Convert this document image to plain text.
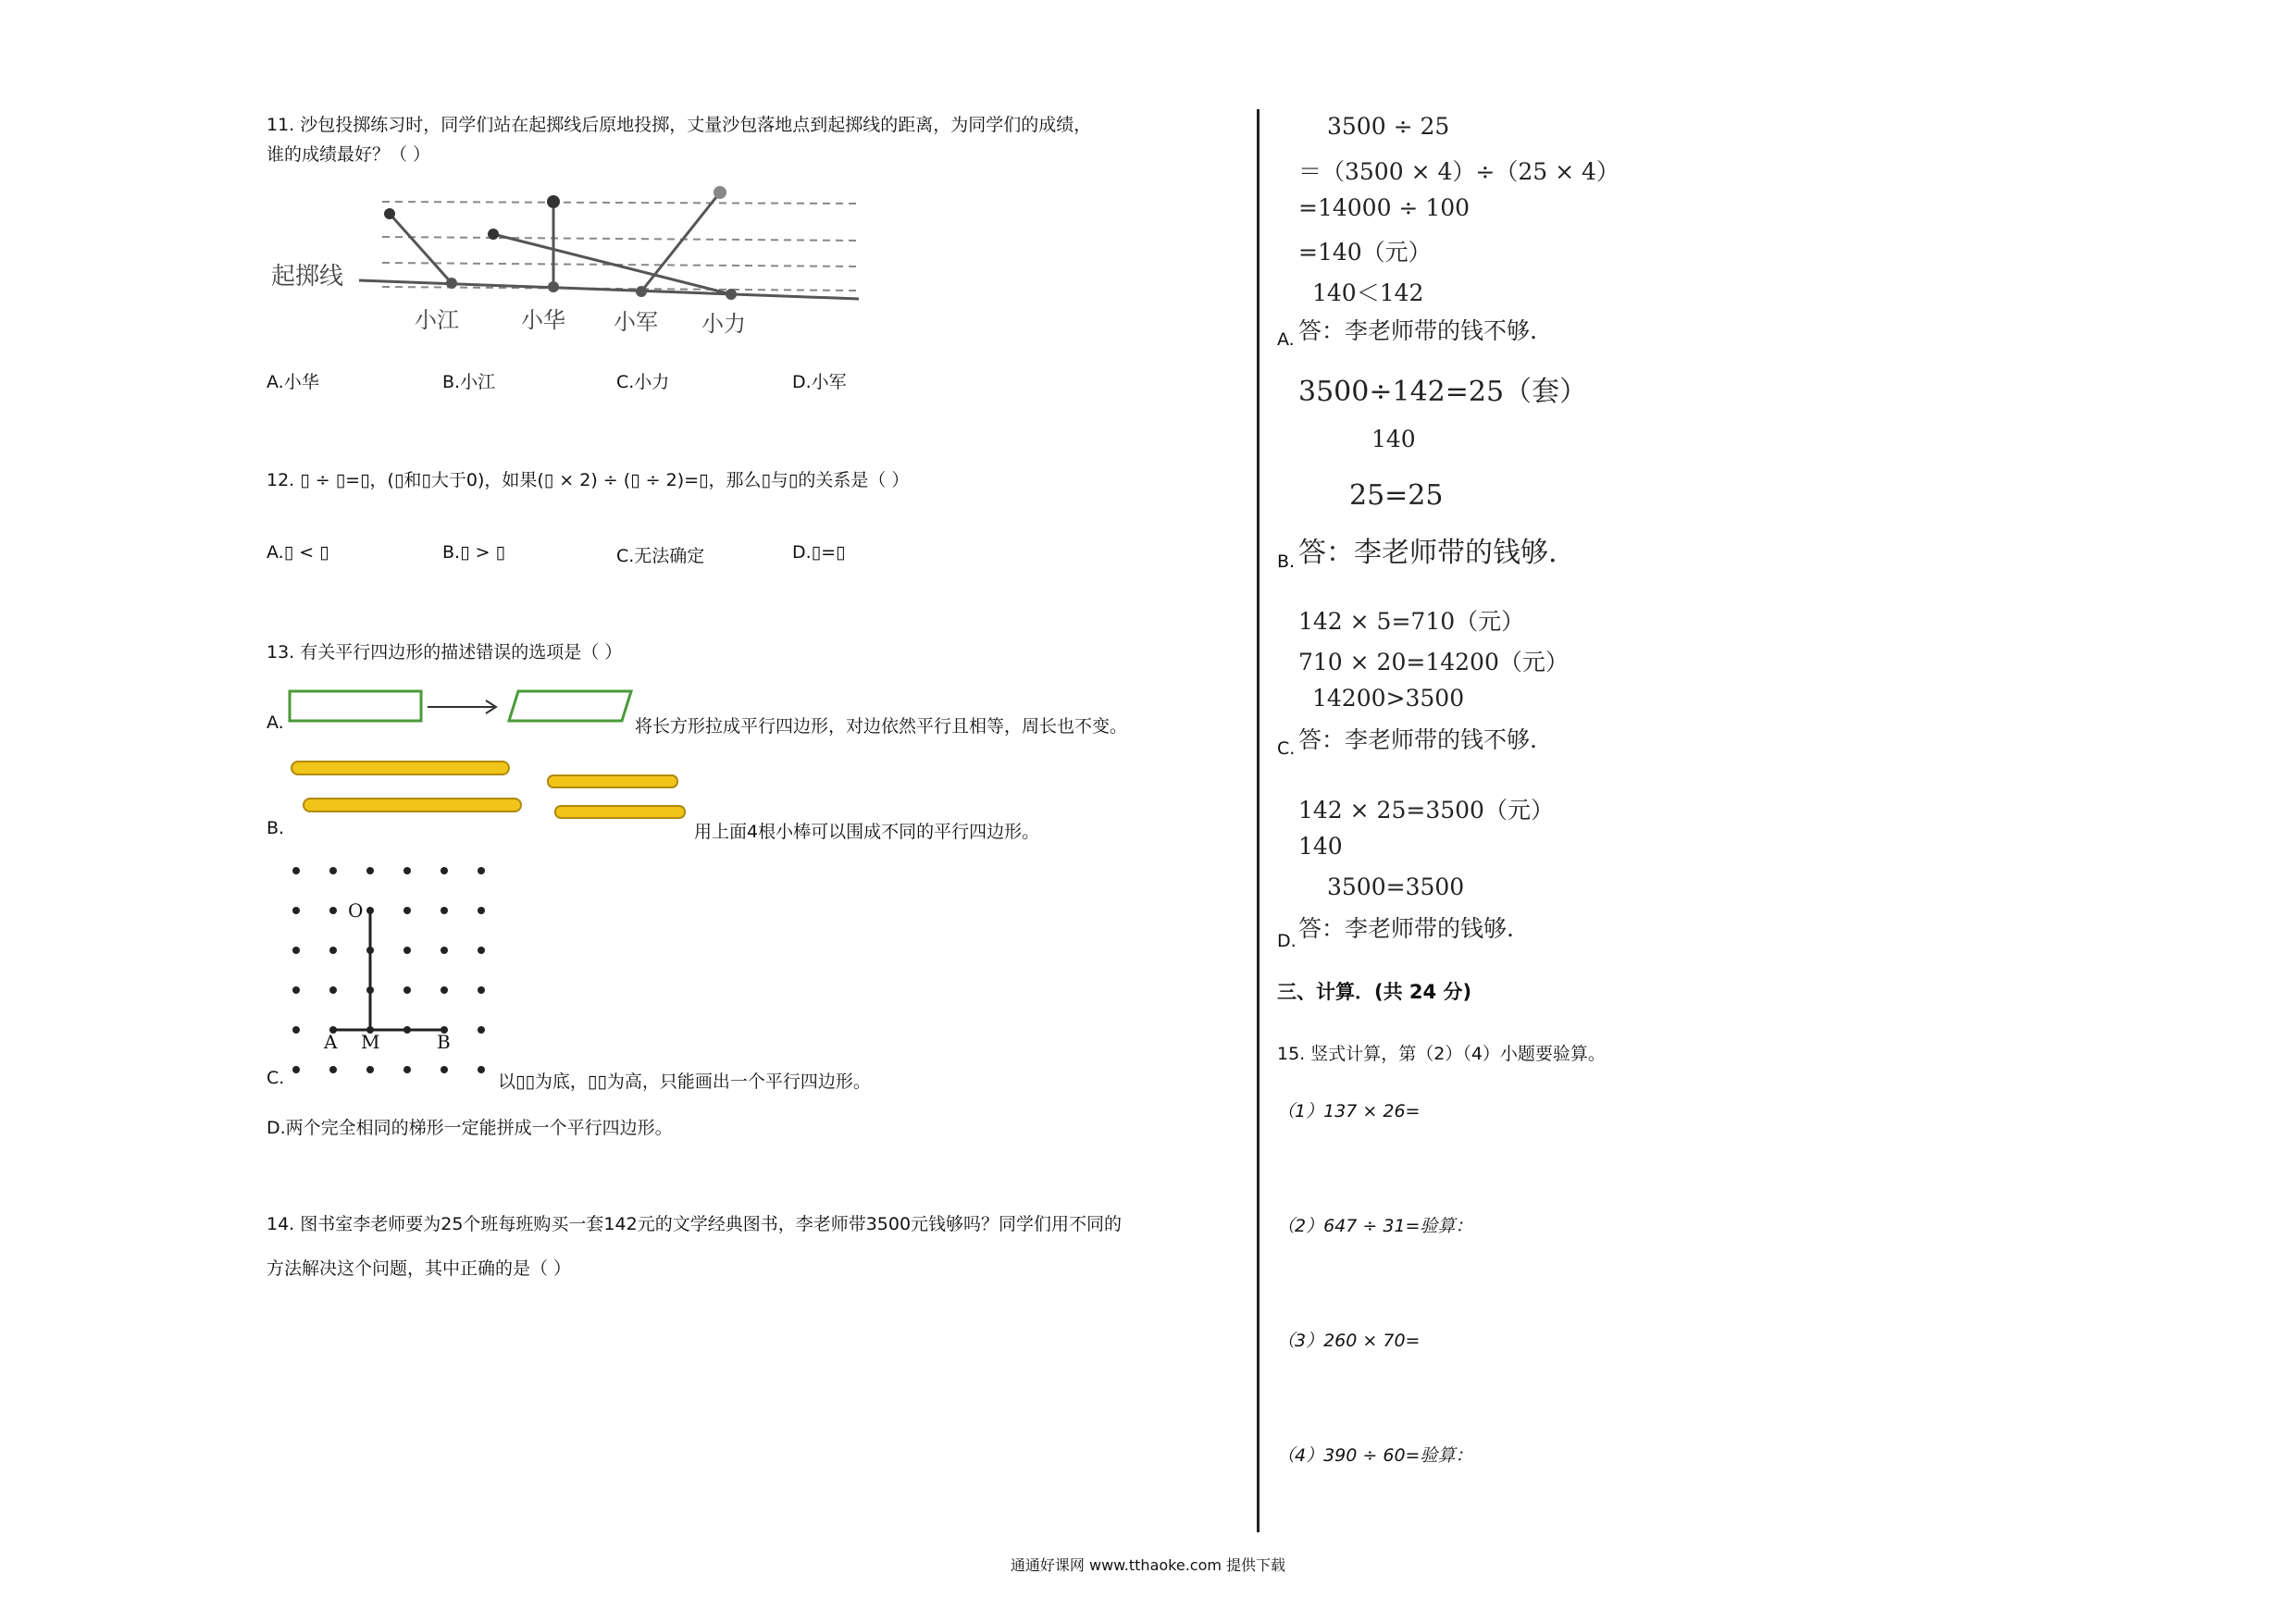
11. 沙包投掷练习时，同学们站在起掷线后原地投掷，丈量沙包落地点到起掷线的距离，为同学们的成绩，
谁的成绩最好？（ ）
起掷线
小江	小华 小军 小力
A.小华	B.小江	C.小力	D.小军
12. ▯ ÷ ▯=▯，(▯和▯大于0)，如果(▯ × 2) ÷ (▯ ÷ 2)=▯，那么▯与▯的关系是（ ）
A.▯ < ▯	B.▯ > ▯	C.无法确定	D.▯=▯
13. 有关平行四边形的描述错误的选项是（ ）
A.	将长方形拉成平行四边形，对边依然平行且相等，周长也不变。
B.	用上面4根小棒可以围成不同的平行四边形。
O
A M	B
C.	以▯▯为底，▯▯为高，只能画出一个平行四边形。
D.两个完全相同的梯形一定能拼成一个平行四边形。
14. 图书室李老师要为25个班每班购买一套142元的文学经典图书，李老师带3500元钱够吗？同学们用不同的
方法解决这个问题，其中正确的是（ ）
3500 ÷ 25
＝（3500 × 4）÷（25 × 4）
=14000 ÷ 100
=140（元）
140＜142
A. 答：李老师带的钱不够.
3500÷142=25（套）
140
25=25
B. 答：李老师带的钱够.
142 × 5=710（元）
710 × 20=14200（元）
14200>3500
C. 答：李老师带的钱不够.
142 × 25=3500（元）
140
3500=3500
D. 答：李老师带的钱够.
三、计算．(共 24 分)
15. 竖式计算，第（2）（4）小题要验算。
（1）137 × 26=
（2）647 ÷ 31=验算：
（3）260 × 70=
（4）390 ÷ 60=验算：
通通好课网 www.tthaoke.com 提供下载
